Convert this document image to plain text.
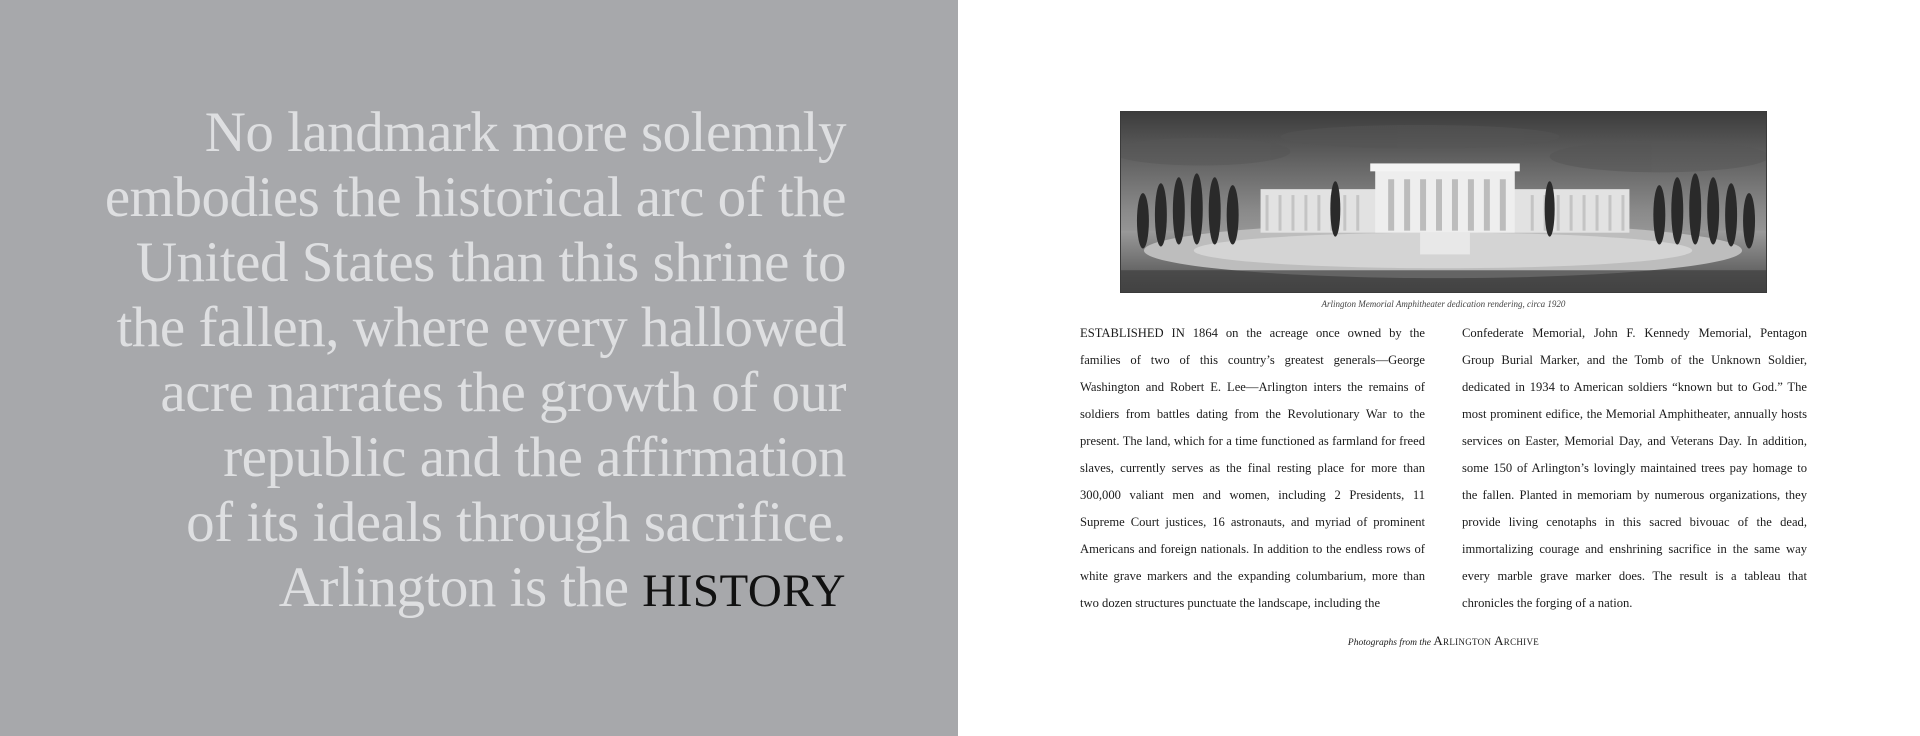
No landmark more solemnly
embodies the historical arc of the
United States than this shrine to
the fallen, where every hallowed
acre narrates the growth of our
republic and the affirmation
of its ideals through sacrifice.
Arlington is the HISTORY
Arlington Memorial Amphitheater dedication rendering, circa 1920
ESTABLISHED IN 1864 on the acreage once owned by the families of two of this country’s greatest generals—George Washington and Robert E. Lee—Arlington inters the remains of soldiers from battles dating from the Revolutionary War to the present. The land, which for a time functioned as farmland for freed slaves, currently serves as the final resting place for more than 300,000 valiant men and women, including 2 Presidents, 11 Supreme Court justices, 16 astronauts, and myriad of prominent Americans and foreign nationals. In addition to the endless rows of white grave markers and the expanding columbarium, more than two dozen structures punctuate the landscape, including the
Confederate Memorial, John F. Kennedy Memorial, Pentagon Group Burial Marker, and the Tomb of the Unknown Soldier, dedicated in 1934 to American soldiers “known but to God.” The most prominent edifice, the Memorial Amphitheater, annually hosts services on Easter, Memorial Day, and Veterans Day. In addition, some 150 of Arlington’s lovingly maintained trees pay homage to the fallen. Planted in memoriam by numerous organizations, they provide living cenotaphs in this sacred bivouac of the dead, immortalizing courage and enshrining sacrifice in the same way every marble grave marker does. The result is a tableau that chronicles the forging of a nation.
Photographs from the Arlington Archive
